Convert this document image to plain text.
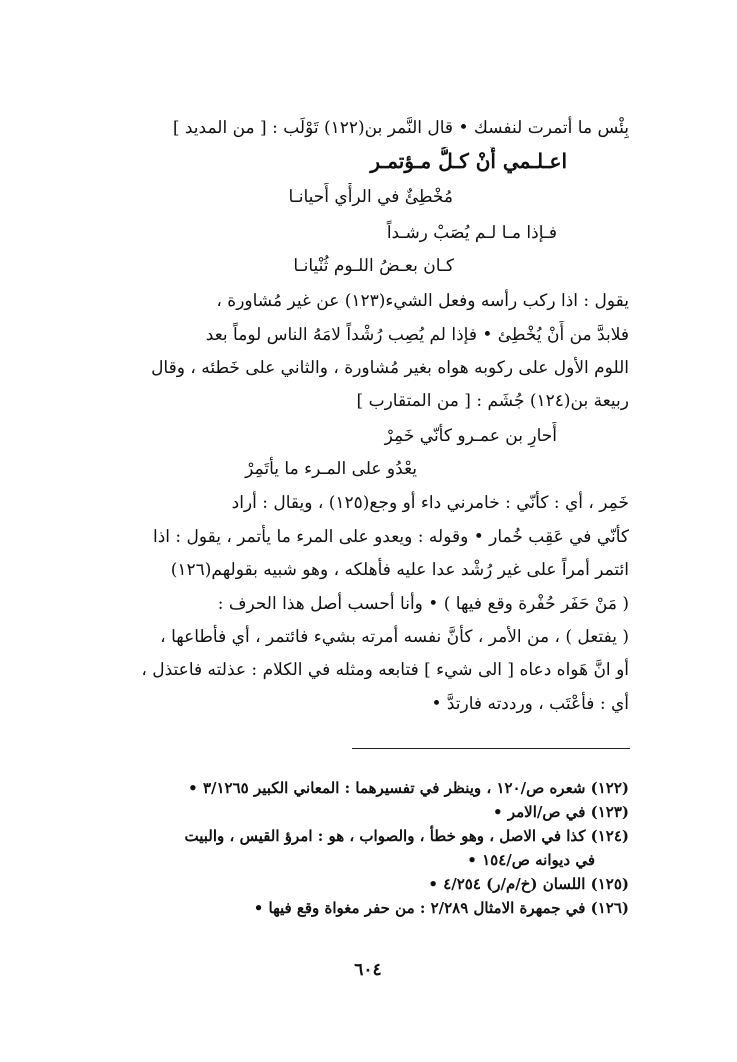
بِئْس ما أتمرت لنفسك • قال النَّمر بن(١٢٢) تَوْلَب : [ من المديد ]
اعـلـمي أَنْ كـلُّ مـؤتمـر
مُخْطِئٌ في الرأْي أَحيانـا
فـإذا مـا لـم يُصَبْ رشـداً
كـان بعـضُ اللـوم ثُنْيانـا
يقول : اذا ركب رأسه وفعل الشيء(١٢٣) عن غير مُشاورة ،
فلابدَّ من أَنْ يُخْطِئ • فإذا لم يُصِب رُشْداً لامَهُ الناس لوماً بعد
اللوم الأول على ركوبه هواه بغير مُشاورة ، والثاني على خَطئه ، وقال
ربيعة بن(١٢٤) جُشَم : [ من المتقارب ]
أَحارِ بن عمـرو كأنّي خَمِرْ
يعْدُو على المـرء ما يأْتَمِرْ
خَمِر ، أي : كأنّي : خامرني داء أو وجع(١٢٥) ، ويقال : أراد
كأنّي في عَقِب خُمار • وقوله : ويعدو على المرء ما يأتمر ، يقول : اذا
ائتمر أمراً على غير رُشْد عدا عليه فأهلكه ، وهو شبيه بقولهم(١٢٦)
( مَنْ حَفَر حُفْرة وقع فيها ) • وأنا أحسب أصل هذا الحرف :
( يفتعل ) ، من الأمر ، كأنَّ نفسه أمرته بشيء فائتمر ، أي فأطاعها ،
أو انَّ هَواه دعاه [ الى شيء ] فتابعه ومثله في الكلام : عذلته فاعتذل ،
أي : فأعْتَب ، ورددته فارتدَّ •
(١٢٢) شعره ص/١٢٠ ، وينظر في تفسيرهما : المعاني الكبير ٣/١٢٦٥ •
(١٢٣) في ص/الامر •
(١٢٤) كذا في الاصل ، وهو خطأ ، والصواب ، هو : امرؤ القيس ، والبيت
في ديوانه ص/١٥٤ •
(١٢٥) اللسان (خ/م/ر) ٤/٢٥٤ •
(١٢٦) في جمهرة الامثال ٢/٢٨٩ : من حفر مغواة وقع فيها •
٦٠٤
